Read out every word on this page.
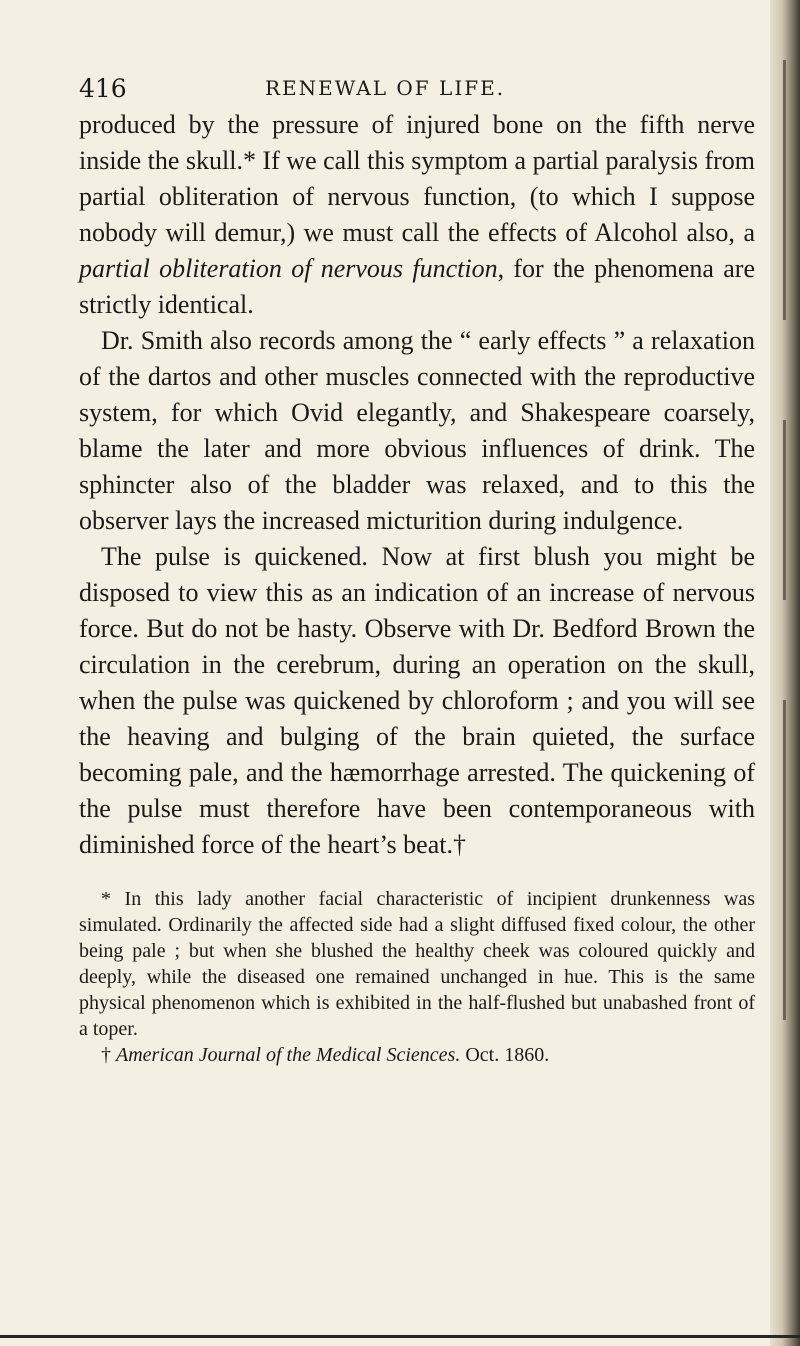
416	RENEWAL OF LIFE.

produced by the pressure of injured bone on the fifth nerve inside the skull.* If we call this symptom a partial paralysis from partial obliteration of nervous function, (to which I suppose nobody will demur,) we must call the effects of Alcohol also, a partial obliteration of nervous function, for the phenomena are strictly identical.

Dr. Smith also records among the “ early effects ” a relaxation of the dartos and other muscles connected with the reproductive system, for which Ovid elegantly, and Shakespeare coarsely, blame the later and more obvious influences of drink. The sphincter also of the bladder was relaxed, and to this the observer lays the increased micturition during indulgence.

The pulse is quickened. Now at first blush you might be disposed to view this as an indication of an increase of nervous force. But do not be hasty. Observe with Dr. Bedford Brown the circulation in the cerebrum, during an operation on the skull, when the pulse was quickened by chloroform ; and you will see the heaving and bulging of the brain quieted, the surface becoming pale, and the hæmorrhage arrested. The quickening of the pulse must therefore have been contemporaneous with diminished force of the heart’s beat.†

* In this lady another facial characteristic of incipient drunkenness was simulated. Ordinarily the affected side had a slight diffused fixed colour, the other being pale ; but when she blushed the healthy cheek was coloured quickly and deeply, while the diseased one remained unchanged in hue. This is the same physical phenomenon which is exhibited in the half-flushed but unabashed front of a toper.

† American Journal of the Medical Sciences. Oct. 1860.
